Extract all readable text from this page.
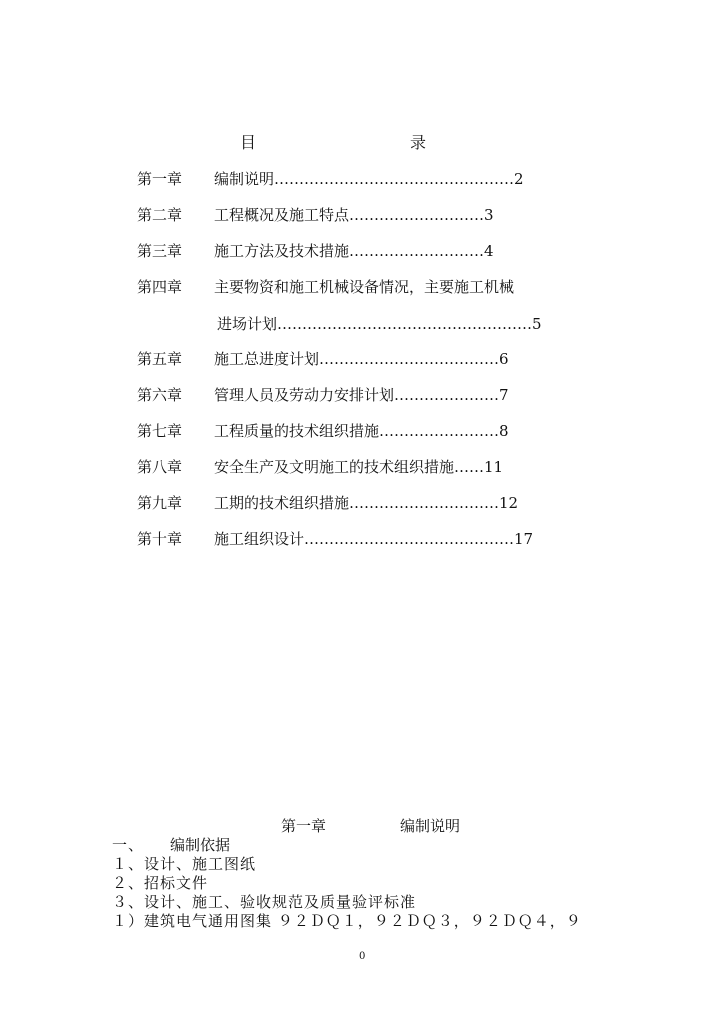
目	录
第一章 编制说明…………………………………………2
第二章 工程概况及施工特点………………………3
第三章 施工方法及技术措施………………………4
第四章 主要物资和施工机械设备情况，主要施工机械
进场计划……………………………………………5
第五章 施工总进度计划………………………………6
第六章 管理人员及劳动力安排计划…………………7
第七章 工程质量的技术组织措施……………………8
第八章 安全生产及文明施工的技术组织措施……11
第九章 工期的技术组织措施…………………………12
第十章 施工组织设计……………………………………17
第一章	编制说明
一、 编制依据
１、设计、施工图纸
２、招标文件
３、设计、施工、验收规范及质量验评标准
１）建筑电气通用图集 ９２ＤＱ１，９２ＤＱ３，９２ＤＱ４，９
0
